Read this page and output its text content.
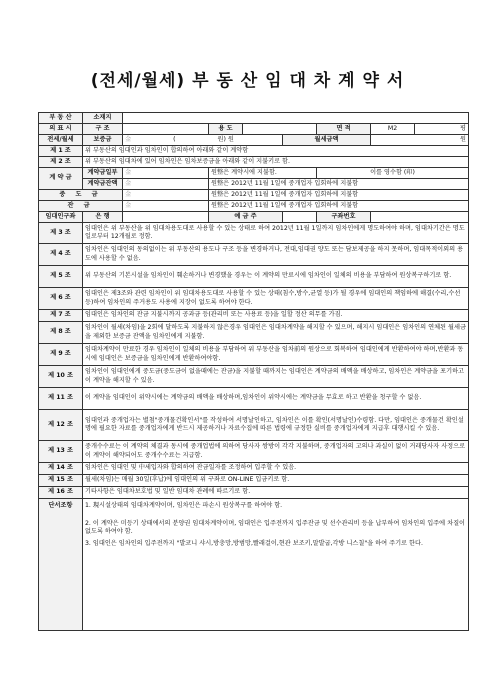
(전세/월세) 부 동 산 임 대 차 계 약 서
부 동 산	소재지							
의 표 시	구 조		용 도			면 적	M2	평
전세/월세	보증금	金 ( 원) 원			월세금액		원	
제 1 조	위 부동산의 임대인과 임차인이 합의하여 아래와 같이 계약함							
제 2 조	위 부동산의 임대차에 있어 임차인은 임차보증금을 아래와 같이 지불키로 함.							
계 약 금	계약금일부	金	원整은 계약시에 지불함.			이를 영수함 (印)		
	계약금잔액	金	원整은 2012년 11월 1일에 중개업자 입회하에 지불함					
중 도 금		金	원整은 2012년 11월 1일에 중개업자 입회하에 지불함					
잔 금		金	원整은 2012년 11월 1일에 중개업자 입회하에 지불함					
임대인구좌	은 행		예 금 주			구좌번호		
제 3 조	임대인은 위 부동산을 위 임대차용도대로 사용할 수 있는 상태로 하여 2012년 11월 1일까지 임차인에게 명도하여야 하며, 임대차기간은 명도일로부터 12개월로 정함.							
제 4 조	임차인은 임대인의 동의없이는 위 부동산의 용도나 구조 등을 변경하거나, 전대,임대권 양도 또는 담보제공을 하지 못하며, 임대목적이외의 용도에 사용할 수 없음.							
제 5 조	위 부동산의 기본시설을 임차인이 훼손하거나 변경했을 경우는 이 계약의 만료시에 임차인이 일체의 비용을 부담하여 원상복구하기로 함.							
제 6 조	임대인은 제3조와 관련 임차인이 위 임대차용도대로 사용할 수 있는 상태(침수,방수,균열 등)가 될 경우에 임대인의 책임하에 해결(수리,수선등)하여 임차인의 주거용도 사용에 지장이 없도록 하여야 한다.							
제 7 조	임대인은 임차인의 잔금 지불시까지 공과금 등(관리비 또는 사용료 등)을 일할 정산 의무를 가짐.							
제 8 조	임차인이 월세(차임)을 2회에 달하도록 지불하지 않은경우 임대인은 임대차계약을 해지할 수 있으며, 해지시 임대인은 임차인의 연체된 월세금을 제외한 보증금 잔액을 임차인에게 지불함.							
제 9 조	임대차계약이 만료한 경우 임차인이 일체의 비용을 부담하여 위 부동산을 임차前의 원상으로 회복하여 임대인에게 반환하여야 하며,반환과 동시에 임대인은 보증금을 임차인에게 반환하여야함.							
제 10 조	임차인이 임대인에게 중도금(중도금이 없을때에는 잔금)을 지불할 때까지는 임대인은 계약금의 배액을 배상하고, 임차인은 계약금을 포기하고 이 계약을 해지할 수 있음.							
제 11 조	이 계약을 임대인이 위약시에는 계약금의 배액을 배상하며,임차인이 위약시에는 계약금을 무효로 하고 반환을 청구할 수 없음.							
제 12 조	임대인과 중개업자는 별첨"중개물건확인서"를 작성하여 서명날인하고, 임차인은 이를 확인(서명날인)수령함. 다만, 임대인은 중개물건 확인설명에 필요한 자료를 중개업자에게 반드시 제공하거나 자료수집에 따른 법령에 규정한 실비를 중개업자에게 지급후 대행시킬 수 있음.							
제 13 조	중개수수료는 이 계약의 체결과 동시에 중개업법에 의하여 당사자 쌍방이 각각 지불하며, 중개업자의 고의나 과실이 없이 거래당사자 사정으로 이 계약이 해약되어도 중개수수료는 지급함.							
제 14 조	임차인은 임대인 및 中세입자와 합의하여 잔금일자를 조정하여 입주할 수 있음.							
제 15 조	월세(차임)는 매월 30일(후납)에 임대인의 위 구좌로 ON-LINE 입금키로 함.							
제 16 조	기타사항은 임대차보호법 및 일반 임대차 관례에 따르기로 함.							
단서조항	1. 現시설상태의 임대차계약이며, 임차인은 파손시 원상복구를 하여야 함.

2. 이 계약은 미등기 상태에서의 분양권 임대차계약이며, 임대인은 입주전까지 입주잔금 및 선수관리비 등을 납부하여 임차인의 입주에 차질이 없도록 하여야 함.

3. 임대인은 임차인의 입주전까지 "발코니 샤시,방충망,방범망,빨래걸이,현관 보조키,말발굽,각방 니스칠"을 하여 주기로 한다.							
